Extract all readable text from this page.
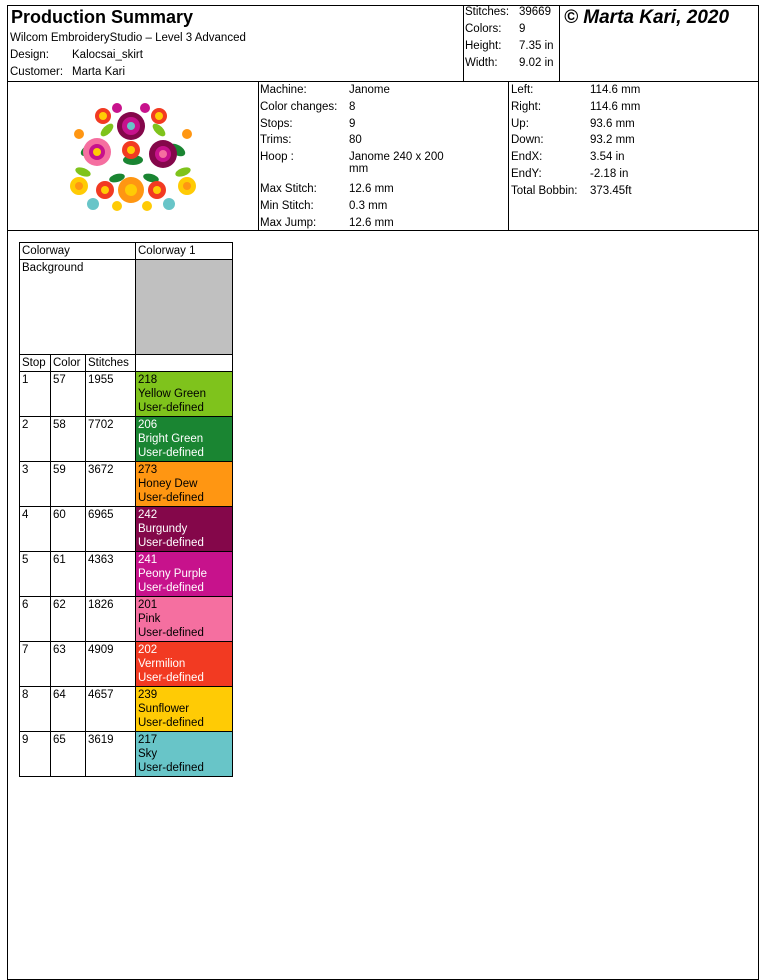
Production Summary
Wilcom EmbroideryStudio – Level 3 Advanced
Design: Kalocsai_skirt
Customer: Marta Kari
© Marta Kari, 2020
Stitches: 39669
Colors: 9
Height: 7.35 in
Width: 9.02 in
Machine:	Janome
Color changes: 8
Stops:	9
Trims:	80
Hoop :	Janome 240 x 200 mm
Max Stitch:	12.6 mm
Min Stitch:	0.3 mm
Max Jump:	12.6 mm
Left:	114.6 mm
Right:	114.6 mm
Up:	93.6 mm
Down:	93.2 mm
EndX:	3.54 in
EndY:	-2.18 in
Total Bobbin: 373.45ft
Colorway			Colorway 1
Background			
Stop	Color	Stitches	
1	57	1955	218
Yellow Green
User-defined

2	58	7702	206
Bright Green
User-defined

3	59	3672	273
Honey Dew
User-defined

4	60	6965	242
Burgundy
User-defined

5	61	4363	241
Peony Purple
User-defined

6	62	1826	201
Pink
User-defined

7	63	4909	202
Vermilion
User-defined

8	64	4657	239
Sunflower
User-defined

9	65	3619	217
Sky
User-defined
